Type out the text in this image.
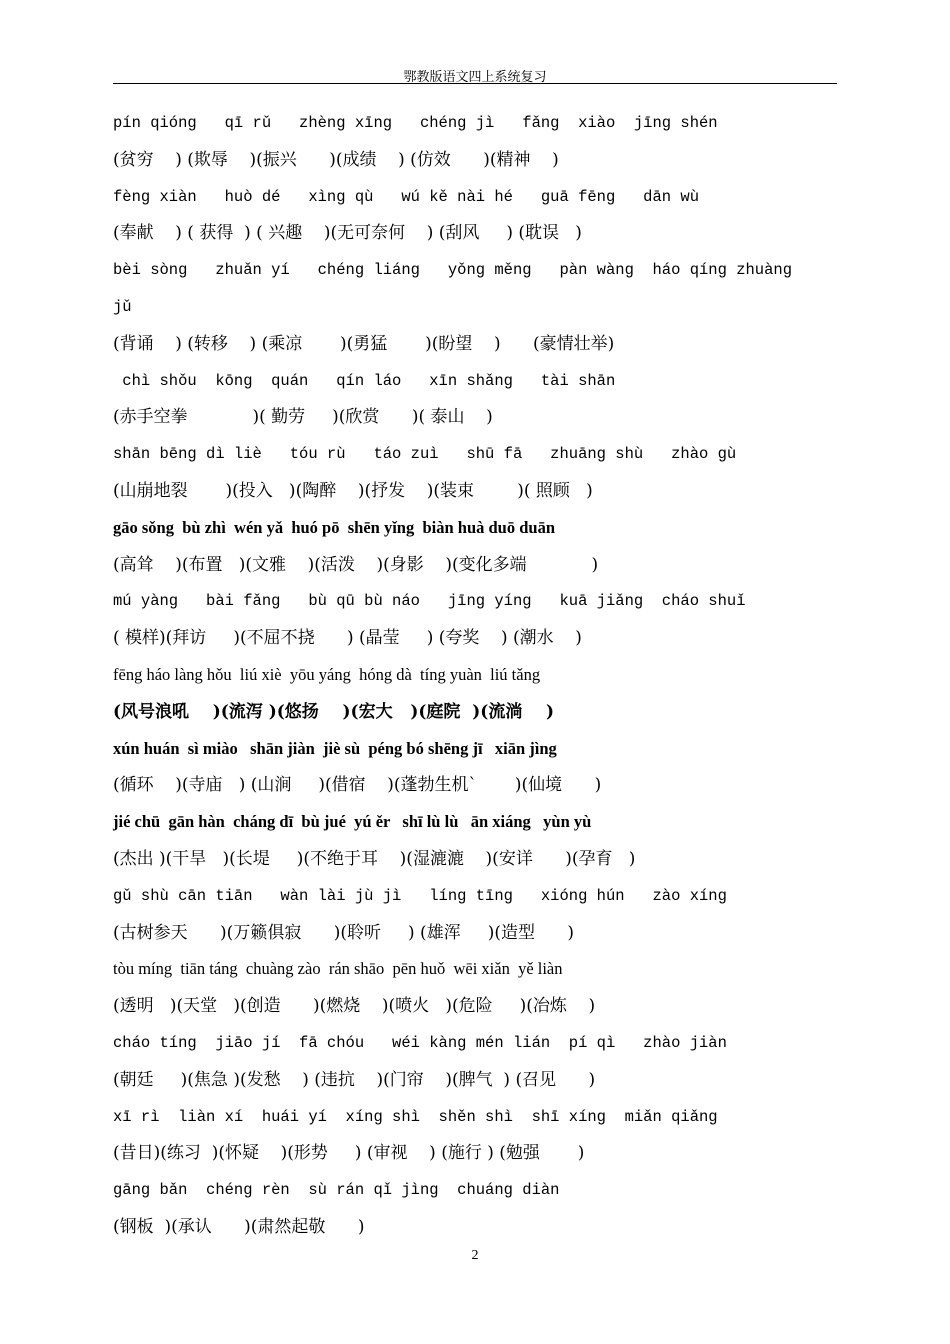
鄂教版语文四上系统复习
pín qióng   qī rǔ   zhèng xīng   chéng jì   fǎng  xiào  jīng shén
(贫穷    ) (欺辱    )(振兴      )(成绩    ) (仿效      )(精神    )
fèng xiàn   huò dé   xìng qù   wú kě nài hé   guā fēng   dān wù
(奉献    ) ( 获得  ) ( 兴趣    )(无可奈何    ) (刮风     ) (耽误   )
bèi sòng   zhuǎn yí   chéng liáng   yǒng měng   pàn wàng  háo qíng zhuàng
jǔ
(背诵    ) (转移    ) (乘凉       )(勇猛       )(盼望    )      (豪情壮举)
chì shǒu  kōng  quán   qín láo   xīn shǎng   tài shān
(赤手空拳            )( 勤劳     )(欣赏      )( 泰山    )
shān bēng dì liè   tóu rù   táo zuì   shū fā   zhuāng shù   zhào gù
(山崩地裂       )(投入   )(陶醉    )(抒发    )(装束        )( 照顾   )
gāo sǒng  bù zhì  wén yǎ  huó pō  shēn yǐng  biàn huà duō duān
(高耸    )(布置   )(文雅    )(活泼    )(身影    )(变化多端            )
mú yàng   bài fǎng   bù qū bù náo   jīng yíng   kuā jiǎng  cháo shuǐ
( 模样)(拜访     )(不屈不挠      ) (晶莹     ) (夸奖    ) (潮水    )
fēng háo làng hǒu  liú xiè  yōu yáng  hóng dà  tíng yuàn  liú tǎng
(风号浪吼    )(流泻 )(悠扬    )(宏大   )(庭院  )(流淌    )
xún huán  sì miào   shān jiàn  jiè sù  péng bó shēng jī   xiān jìng
(循环    )(寺庙   ) (山涧     )(借宿    )(蓬勃生机`       )(仙境      )
jié chū  gān hàn  cháng dī  bù jué  yú ěr   shī lù lù   ān xiáng   yùn yù
(杰出 )(干旱   )(长堤     )(不绝于耳    )(湿漉漉    )(安详      )(孕育   )
gǔ shù cān tiān   wàn lài jù jì   líng tīng   xióng hún   zào xíng
(古树参天      )(万籁俱寂      )(聆听     ) (雄浑     )(造型      )
tòu míng  tiān táng  chuàng zào  rán shāo  pēn huǒ  wēi xiǎn  yě liàn
(透明   )(天堂   )(创造      )(燃烧    )(喷火   )(危险     )(冶炼    )
cháo tíng  jiāo jí  fā chóu   wéi kàng mén lián  pí qì   zhào jiàn
(朝廷     )(焦急 )(发愁    ) (违抗    )(门帘    )(脾气  ) (召见      )
xī rì  liàn xí  huái yí  xíng shì  shěn shì  shī xíng  miǎn qiǎng
(昔日)(练习  )(怀疑    )(形势     ) (审视    ) (施行 ) (勉强       )
gāng bǎn  chéng rèn  sù rán qǐ jìng  chuáng diàn
(钢板  )(承认      )(肃然起敬      )
2
